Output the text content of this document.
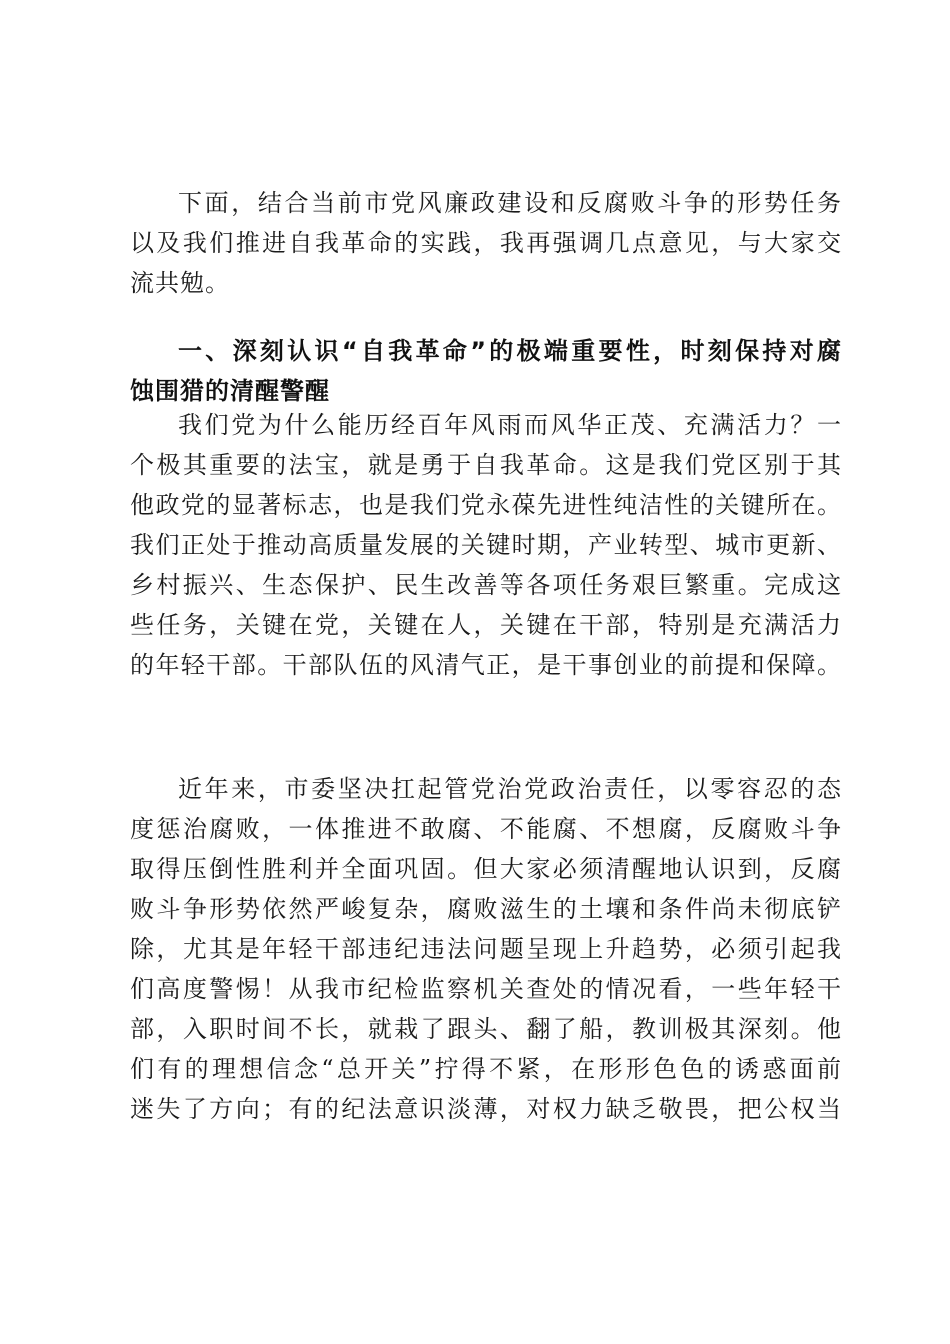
下面，结合当前市党风廉政建设和反腐败斗争的形势任务
以及我们推进自我革命的实践，我再强调几点意见，与大家交
流共勉。
一、深刻认识“自我革命”的极端重要性，时刻保持对腐
蚀围猎的清醒警醒
我们党为什么能历经百年风雨而风华正茂、充满活力？一
个极其重要的法宝，就是勇于自我革命。这是我们党区别于其
他政党的显著标志，也是我们党永葆先进性纯洁性的关键所在。
我们正处于推动高质量发展的关键时期，产业转型、城市更新、
乡村振兴、生态保护、民生改善等各项任务艰巨繁重。完成这
些任务，关键在党，关键在人，关键在干部，特别是充满活力
的年轻干部。干部队伍的风清气正，是干事创业的前提和保障。
近年来，市委坚决扛起管党治党政治责任，以零容忍的态
度惩治腐败，一体推进不敢腐、不能腐、不想腐，反腐败斗争
取得压倒性胜利并全面巩固。但大家必须清醒地认识到，反腐
败斗争形势依然严峻复杂，腐败滋生的土壤和条件尚未彻底铲
除，尤其是年轻干部违纪违法问题呈现上升趋势，必须引起我
们高度警惕！从我市纪检监察机关查处的情况看，一些年轻干
部，入职时间不长，就栽了跟头、翻了船，教训极其深刻。他
们有的理想信念“总开关”拧得不紧，在形形色色的诱惑面前
迷失了方向；有的纪法意识淡薄，对权力缺乏敬畏，把公权当
